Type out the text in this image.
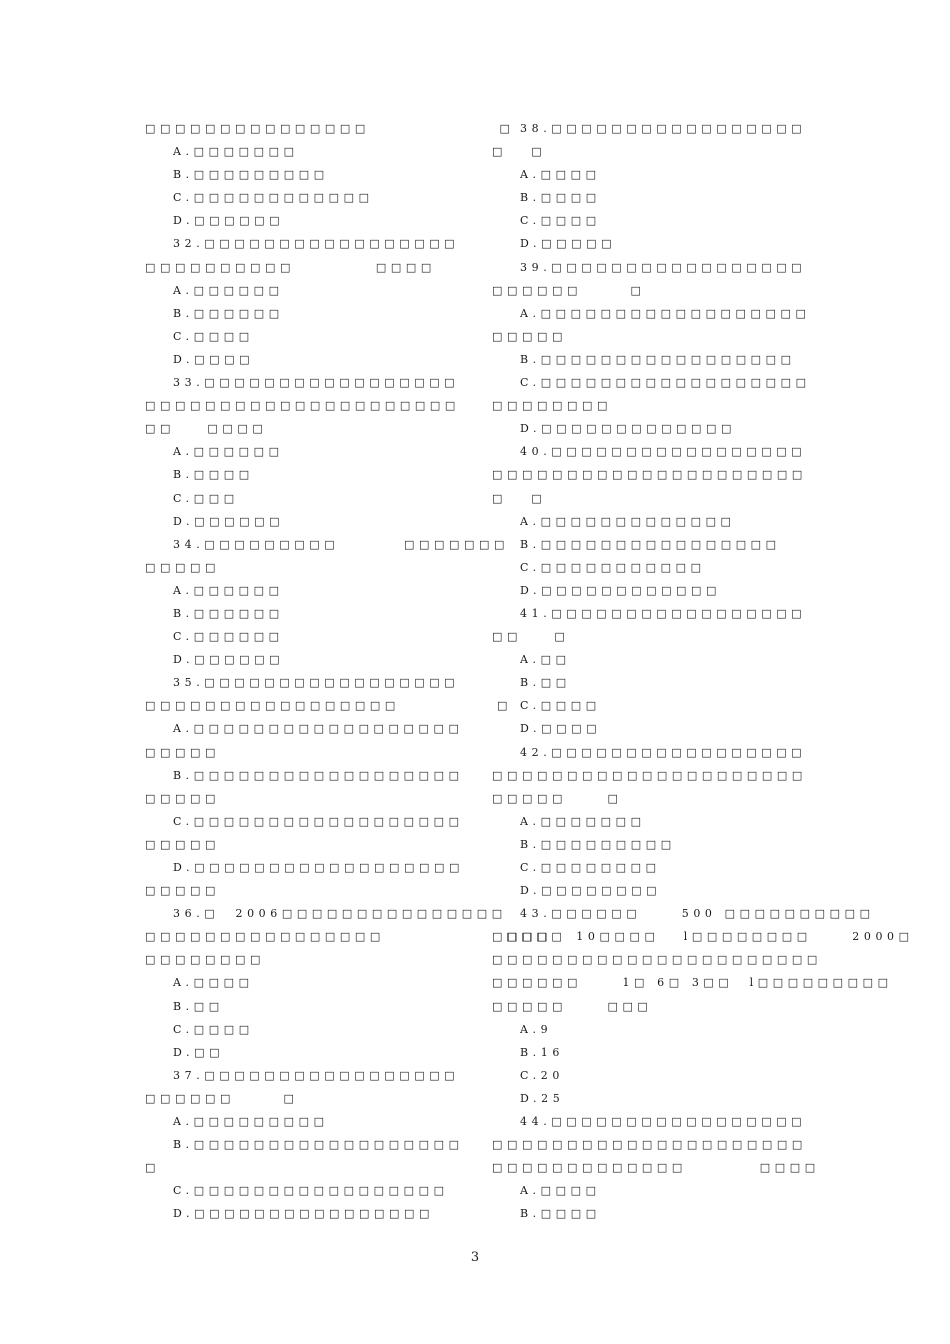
□□□□□□□□□□□□□□□                □
A.□□□□□□□
B.□□□□□□□□□
C.□□□□□□□□□□□□
D.□□□□□□
32.□□□□□□□□□□□□□□□□□
□□□□□□□□□□          □□□□
A.□□□□□□
B.□□□□□□
C.□□□□
D.□□□□
33.□□□□□□□□□□□□□□□□□
□□□□□□□□□□□□□□□□□□□□□
□□    □□□□
A.□□□□□□
B.□□□□
C.□□□
D.□□□□□□
34.□□□□□□□□□        □□□□□□□
□□□□□
A.□□□□□□
B.□□□□□□
C.□□□□□□
D.□□□□□□
35.□□□□□□□□□□□□□□□□□
□□□□□□□□□□□□□□□□□            □
A.□□□□□□□□□□□□□□□□□□
□□□□□
B.□□□□□□□□□□□□□□□□□□
□□□□□
C.□□□□□□□□□□□□□□□□□□
□□□□□
D.□□□□□□□□□□□□□□□□□□
□□□□□
36.□  2006□□□□□□□□□□□□□□□
□□□□□□□□□□□□□□□□               □□□□
□□□□□□□□
A.□□□□
B.□□
C.□□□□
D.□□
37.□□□□□□□□□□□□□□□□□
□□□□□□      □
A.□□□□□□□□□
B.□□□□□□□□□□□□□□□□□□
□
C.□□□□□□□□□□□□□□□□□
D.□□□□□□□□□□□□□□□□
38.□□□□□□□□□□□□□□□□□
□   □
A.□□□□
B.□□□□
C.□□□□
D.□□□□□
39.□□□□□□□□□□□□□□□□□
□□□□□□      □
A.□□□□□□□□□□□□□□□□□□
□□□□□
B.□□□□□□□□□□□□□□□□□
C.□□□□□□□□□□□□□□□□□□
□□□□□□□□
D.□□□□□□□□□□□□□
40.□□□□□□□□□□□□□□□□□
□□□□□□□□□□□□□□□□□□□□□
□   □
A.□□□□□□□□□□□□□
B.□□□□□□□□□□□□□□□□
C.□□□□□□□□□□□
D.□□□□□□□□□□□□
41.□□□□□□□□□□□□□□□□□
□□    □
A.□□
B.□□
C.□□□□
D.□□□□
42.□□□□□□□□□□□□□□□□□
□□□□□□□□□□□□□□□□□□□□□
□□□□□     □
A.□□□□□□□
B.□□□□□□□□□
C.□□□□□□□□
D.□□□□□□□□
43.□□□□□□     500 □□□□□□□□□□
□□□□   10□□□□   l□□□□□□□□     2000□
□□□□□□□□□□□□□□□□□□□□□□
□□□□□□     1□ 6□ 3□□  l□□□□□□□□□
□□□□□     □□□
A.9
B.16
C.20
D.25
44.□□□□□□□□□□□□□□□□□
□□□□□□□□□□□□□□□□□□□□□
□□□□□□□□□□□□□         □□□□
A.□□□□
B.□□□□
3
